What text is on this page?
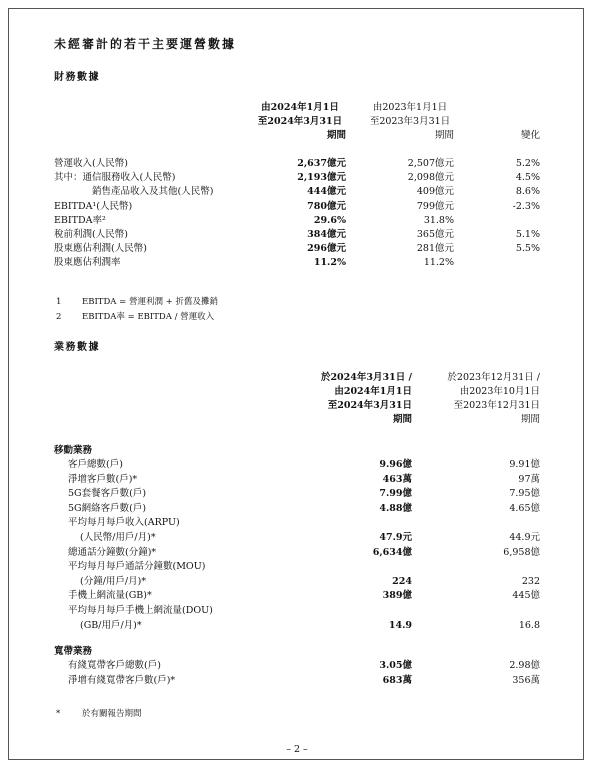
未經審計的若干主要運營數據
財務數據
由2024年1月1日
至2024年3月31日
期間
由2023年1月1日
至2023年3月31日
期間	變化
營運收入(人民幣)	2,637億元	2,507億元	5.2%
其中：通信服務收入(人民幣)	2,193億元	2,098億元	4.5%
銷售產品收入及其他(人民幣)	444億元	409億元	8.6%
EBITDA¹(人民幣)	780億元	799億元	-2.3%
EBITDA率²	29.6%	31.8%
稅前利潤(人民幣)	384億元	365億元	5.1%
股東應佔利潤(人民幣)	296億元	281億元	5.5%
股東應佔利潤率	11.2%	11.2%
1 EBITDA = 營運利潤 + 折舊及攤銷
2 EBITDA率 = EBITDA / 營運收入
業務數據
於2024年3月31日 /
由2024年1月1日
至2024年3月31日
期間
於2023年12月31日 /
由2023年10月1日
至2023年12月31日
期間
移動業務
客戶總數(戶)	9.96億	9.91億
淨增客戶數(戶)*	463萬	97萬
5G套餐客戶數(戶)	7.99億	7.95億
5G網絡客戶數(戶)	4.88億	4.65億
平均每月每戶收入(ARPU)
(人民幣/用戶/月)*	47.9元	44.9元
總通話分鐘數(分鐘)*	6,634億	6,958億
平均每月每戶通話分鐘數(MOU)
(分鐘/用戶/月)*	224	232
手機上網流量(GB)*	389億	445億
平均每月每戶手機上網流量(DOU)
(GB/用戶/月)*	14.9	16.8
寬帶業務
有綫寬帶客戶總數(戶)	3.05億	2.98億
淨增有綫寬帶客戶數(戶)*	683萬	356萬
*	於有關報告期間
– 2 –
